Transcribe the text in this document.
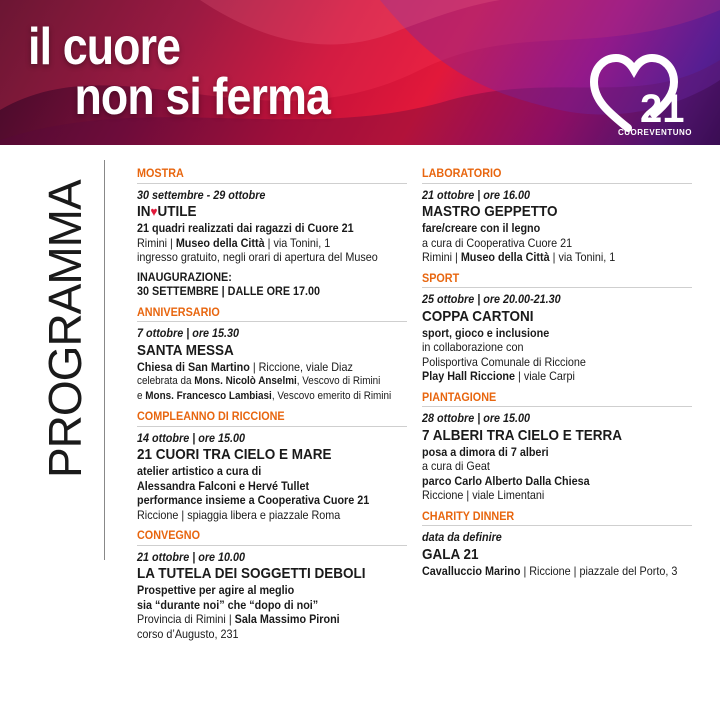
il cuore
non si ferma	21
CUOREVENTUNO
PROGRAMMA
MOSTRA
30 settembre - 29 ottobre
IN♥UTILE
21 quadri realizzati dai ragazzi di Cuore 21
Rimini | Museo della Città | via Tonini, 1
ingresso gratuito, negli orari di apertura del Museo
INAUGURAZIONE:
30 SETTEMBRE | DALLE ORE 17.00
ANNIVERSARIO
7 ottobre | ore 15.30
SANTA MESSA
Chiesa di San Martino | Riccione, viale Diaz
celebrata da Mons. Nicolò Anselmi, Vescovo di Rimini
e Mons. Francesco Lambiasi, Vescovo emerito di Rimini
COMPLEANNO DI RICCIONE
14 ottobre | ore 15.00
21 CUORI TRA CIELO E MARE
atelier artistico a cura di
Alessandra Falconi e Hervé Tullet
performance insieme a Cooperativa Cuore 21
Riccione | spiaggia libera e piazzale Roma
CONVEGNO
21 ottobre | ore 10.00
LA TUTELA DEI SOGGETTI DEBOLI
Prospettive per agire al meglio
sia “durante noi” che “dopo di noi”
Provincia di Rimini | Sala Massimo Pironi
corso d’Augusto, 231
LABORATORIO
21 ottobre | ore 16.00
MASTRO GEPPETTO
fare/creare con il legno
a cura di Cooperativa Cuore 21
Rimini | Museo della Città | via Tonini, 1
SPORT
25 ottobre | ore 20.00-21.30
COPPA CARTONI
sport, gioco e inclusione
in collaborazione con
Polisportiva Comunale di Riccione
Play Hall Riccione | viale Carpi
PIANTAGIONE
28 ottobre | ore 15.00
7 ALBERI TRA CIELO E TERRA
posa a dimora di 7 alberi
a cura di Geat
parco Carlo Alberto Dalla Chiesa
Riccione | viale Limentani
CHARITY DINNER
data da definire
GALA 21
Cavalluccio Marino | Riccione | piazzale del Porto, 3
